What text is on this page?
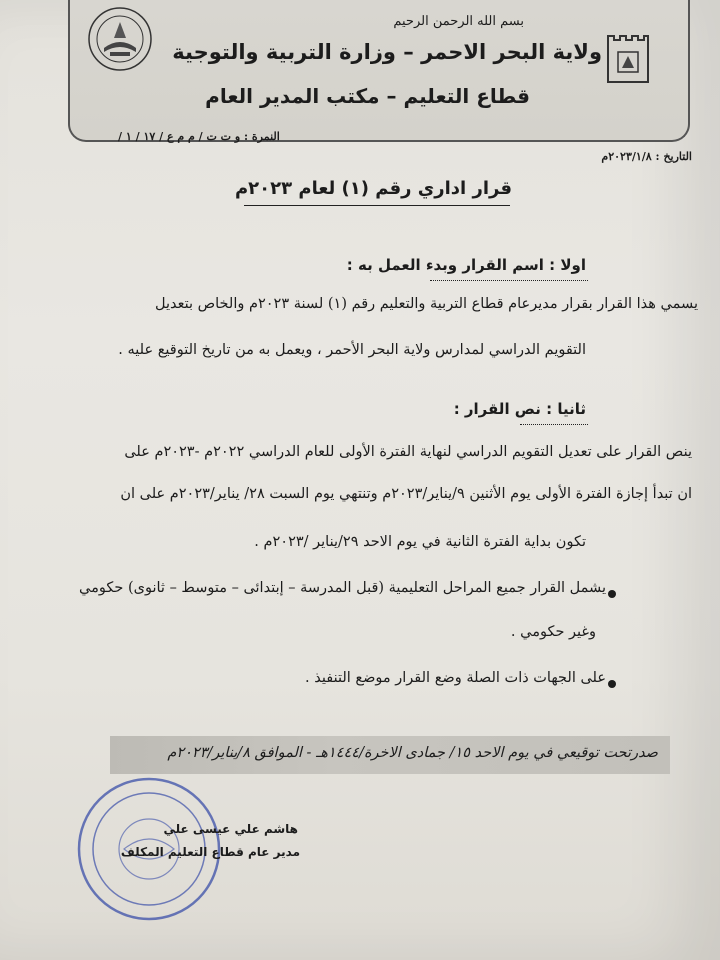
بسم الله الرحمن الرحيم
ولاية البحر الاحمر – وزارة التربية والتوجية
قطاع التعليم – مكتب المدير العام
النمرة : و ت ت / م م ع / ١٧ / ١ /
التاريخ : ٢٠٢٣/١/٨م
قرار اداري رقم (١) لعام ٢٠٢٣م
اولا : اسم القرار وبدء العمل به :
يسمي هذا القرار بقرار مديرعام قطاع التربية والتعليم رقم (١) لسنة ٢٠٢٣م والخاص بتعديل
التقويم الدراسي لمدارس ولاية البحر الأحمر ، ويعمل به من تاريخ التوقيع عليه .
ثانيا : نص القرار :
ينص القرار على تعديل التقويم الدراسي لنهاية الفترة الأولى للعام الدراسي ٢٠٢٢م -٢٠٢٣م على
ان تبدأ إجازة الفترة الأولى يوم الأثنين ٩/يناير/٢٠٢٣م وتنتهي يوم السبت ٢٨/ يناير/٢٠٢٣م على ان
تكون بداية الفترة الثانية في يوم الاحد ٢٩/يناير /٢٠٢٣م .
يشمل القرار جميع المراحل التعليمية (قبل المدرسة – إبتدائى – متوسط – ثانوى) حكومي
وغير حكومي .
على الجهات ذات الصلة وضع القرار موضع التنفيذ .
صدرتحت توقيعي في يوم الاحد ١٥/ جمادى الاخرة/١٤٤٤هـ - الموافق ٨/يناير/٢٠٢٣م
هاشم علي عيسى علي
مدير عام قطاع التعليم المكلف
